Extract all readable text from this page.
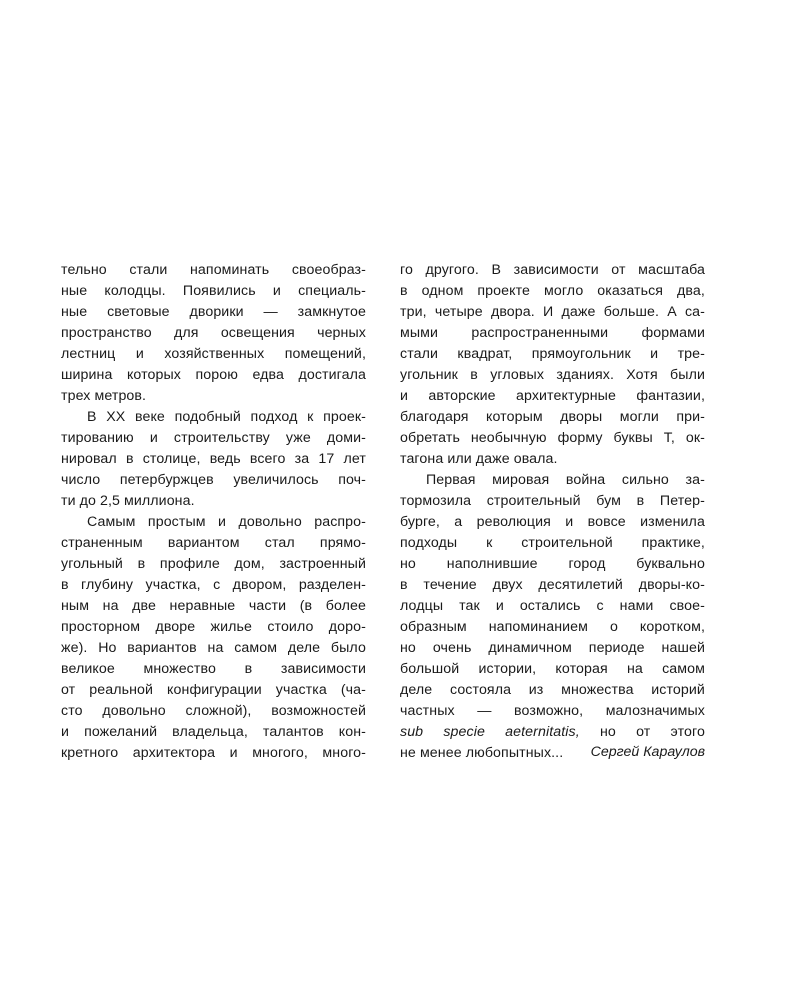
тельно стали напоминать своеобраз-
ные колодцы. Появились и специаль-
ные световые дворики — замкнутое
пространство для освещения черных
лестниц и хозяйственных помещений,
ширина которых порою едва достигала
трех метров.
В XX веке подобный подход к проек-
тированию и строительству уже доми-
нировал в столице, ведь всего за 17 лет
число петербуржцев увеличилось поч-
ти до 2,5 миллиона.
Самым простым и довольно распро-
страненным вариантом стал прямо-
угольный в профиле дом, застроенный
в глубину участка, с двором, разделен-
ным на две неравные части (в более
просторном дворе жилье стоило доро-
же). Но вариантов на самом деле было
великое множество в зависимости
от реальной конфигурации участка (ча-
сто довольно сложной), возможностей
и пожеланий владельца, талантов кон-
кретного архитектора и многого, много-
го другого. В зависимости от масштаба
в одном проекте могло оказаться два,
три, четыре двора. И даже больше. А са-
мыми распространенными формами
стали квадрат, прямоугольник и тре-
угольник в угловых зданиях. Хотя были
и авторские архитектурные фантазии,
благодаря которым дворы могли при-
обретать необычную форму буквы Т, ок-
тагона или даже овала.
Первая мировая война сильно за-
тормозила строительный бум в Петер-
бурге, а революция и вовсе изменила
подходы к строительной практике,
но наполнившие город буквально
в течение двух десятилетий дворы-ко-
лодцы так и остались с нами свое-
образным напоминанием о коротком,
но очень динамичном периоде нашей
большой истории, которая на самом
деле состояла из множества историй
частных — возможно, малозначимых
sub specie aeternitatis, но от этого
не менее любопытных...	Сергей Караулов
